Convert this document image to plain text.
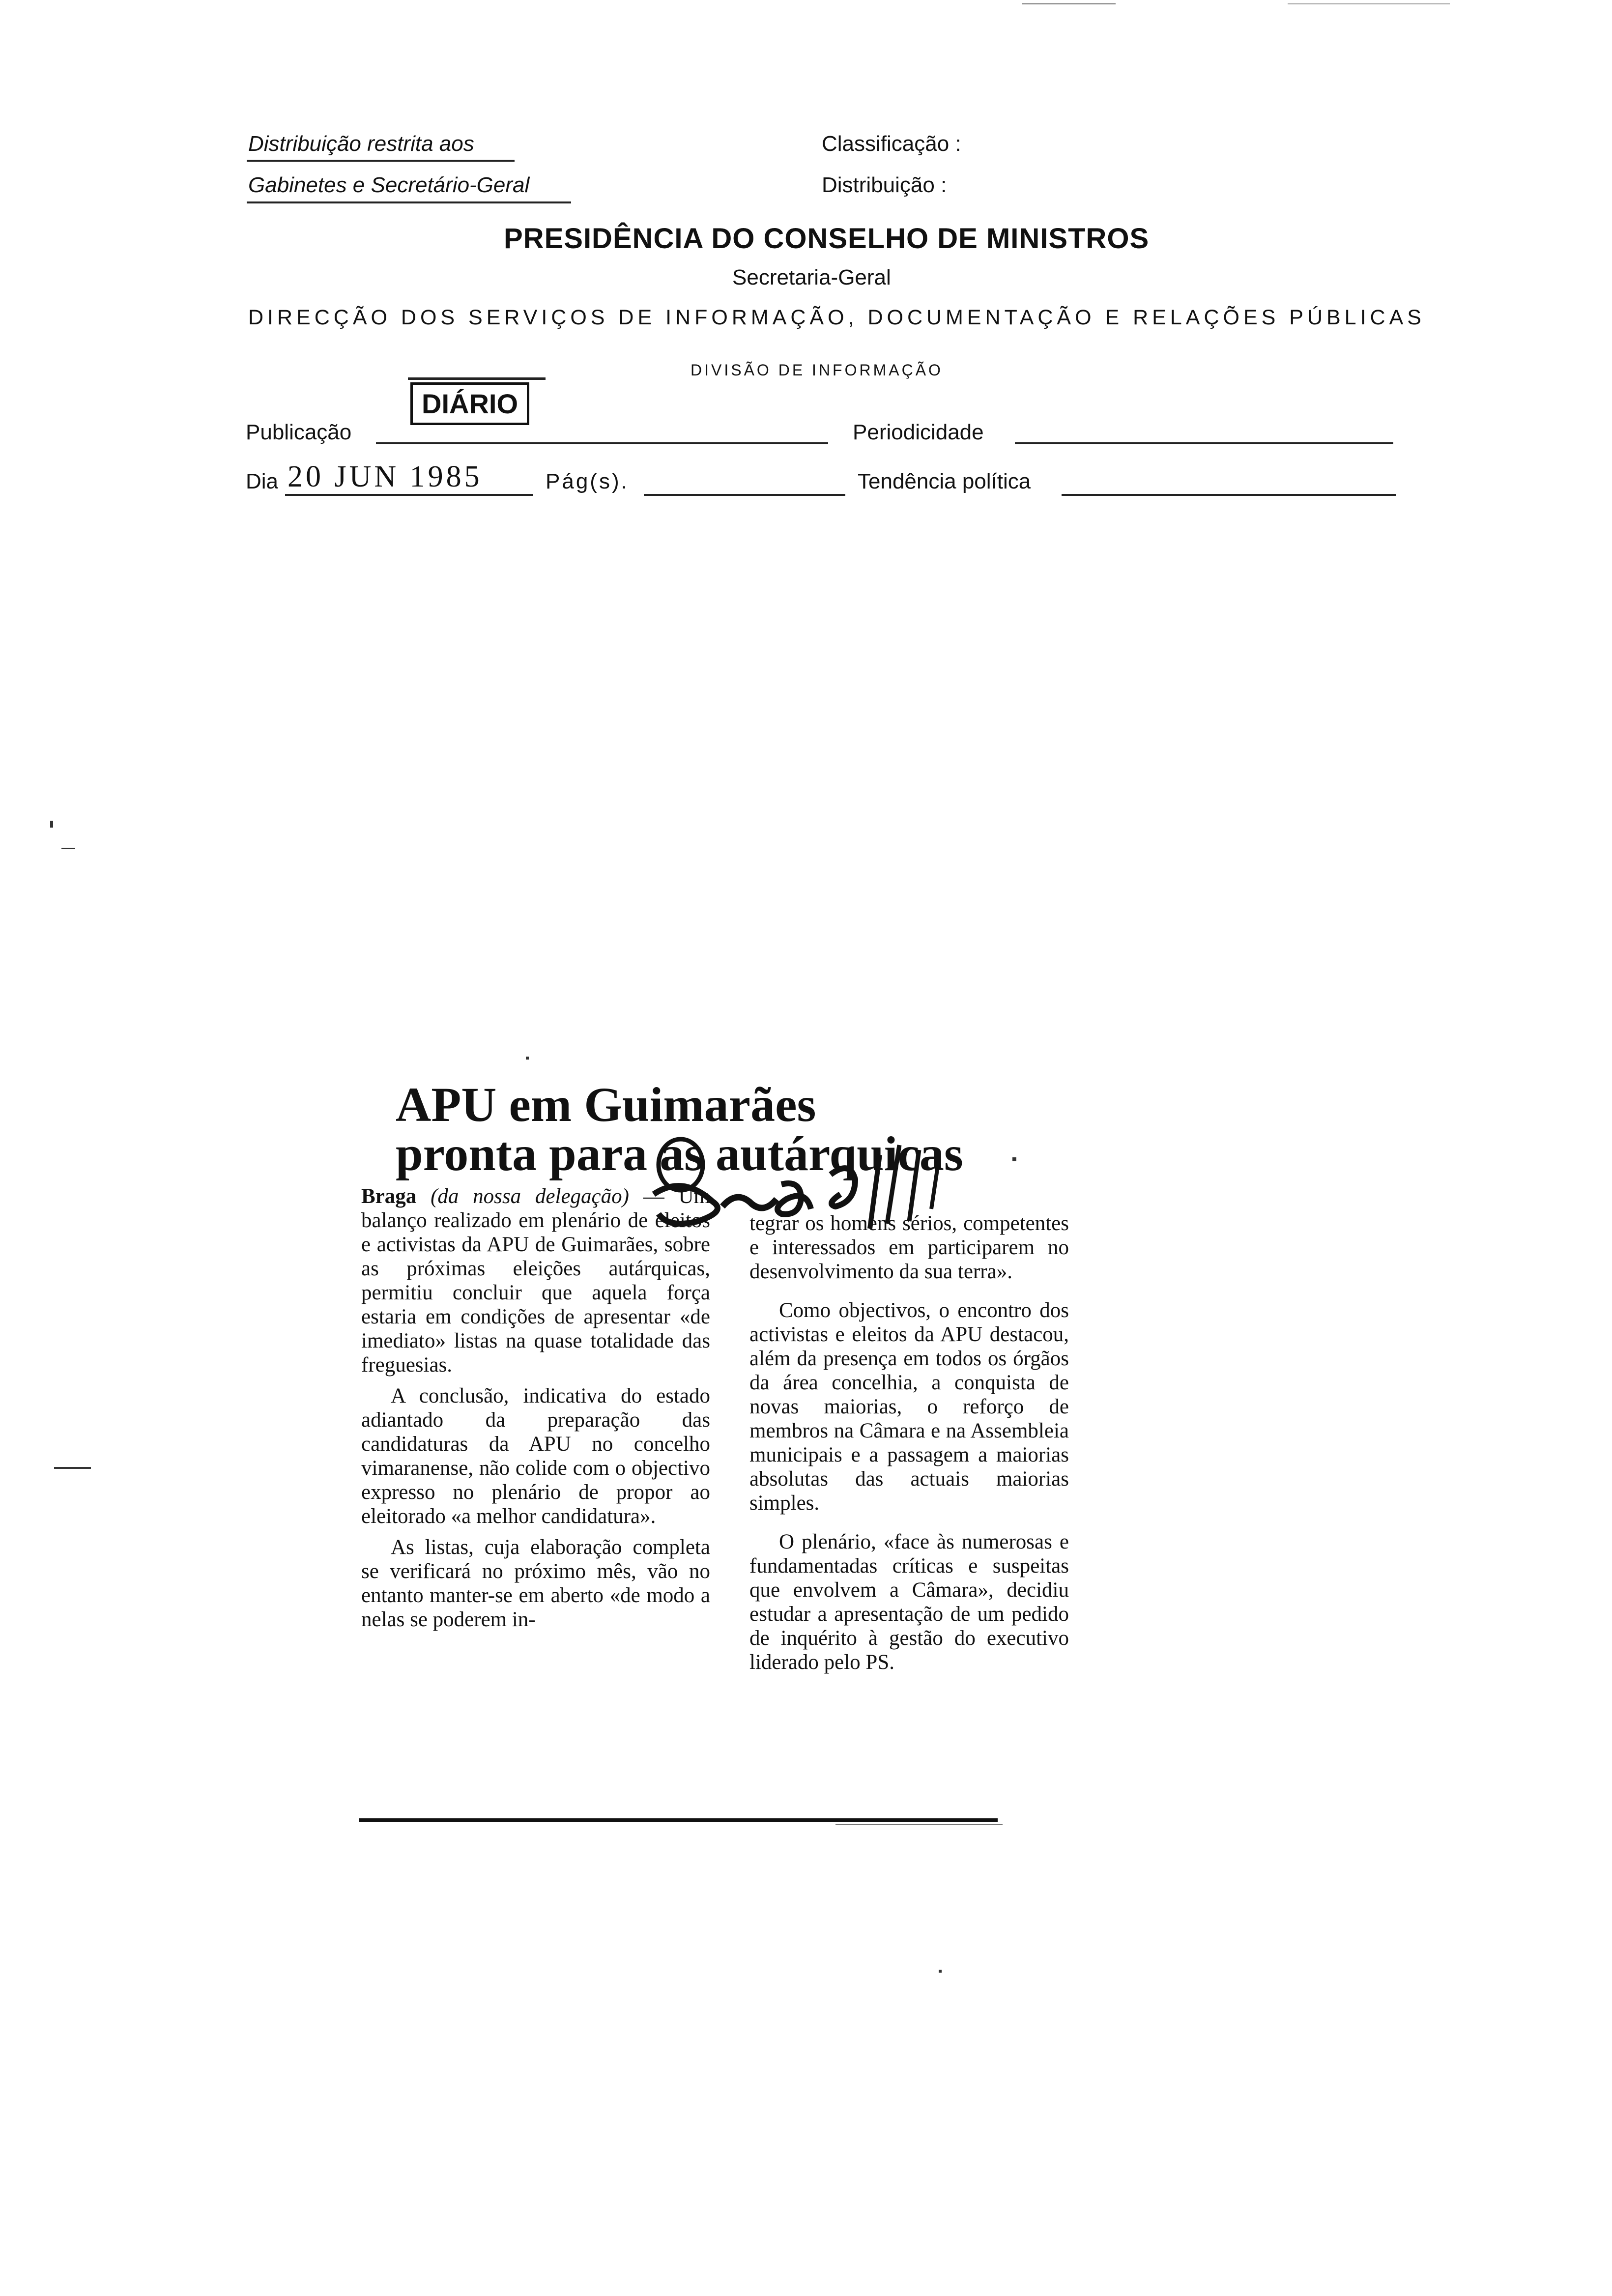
Distribuição restrita aos
Gabinetes e Secretário-Geral
Classificação :
Distribuição :
PRESIDÊNCIA DO CONSELHO DE MINISTROS
Secretaria-Geral
DIRECÇÃO DOS SERVIÇOS DE INFORMAÇÃO, DOCUMENTAÇÃO E RELAÇÕES PÚBLICAS
DIVISÃO DE INFORMAÇÃO
Publicação
DIÁRIO
Periodicidade
Dia 20 JUN 1985	Pág(s).	Tendência política
APU em Guimarães
pronta para as autárquicas

Braga (da nossa delegação) — Um balanço realizado em plenário de eleitos e activistas da APU de Guimarães, sobre as próximas eleições autárquicas, permitiu concluir que aquela força estaria em condições de apresentar «de imediato» listas na quase totalidade das freguesias.

A conclusão, indicativa do estado adiantado da preparação das candidaturas da APU no concelho vimaranense, não colide com o objectivo expresso no plenário de propor ao eleitorado «a melhor candidatura».

As listas, cuja elaboração completa se verificará no próximo mês, vão no entanto manter-se em aberto «de modo a nelas se poderem in-

tegrar os homens sérios, competentes e interessados em participarem no desenvolvimento da sua terra».

Como objectivos, o encontro dos activistas e eleitos da APU destacou, além da presença em todos os órgãos da área concelhia, a conquista de novas maiorias, o reforço de membros na Câmara e na Assembleia municipais e a passagem a maiorias absolutas das actuais maiorias simples.

O plenário, «face às numerosas e fundamentadas críticas e suspeitas que envolvem a Câmara», decidiu estudar a apresentação de um pedido de inquérito à gestão do executivo liderado pelo PS.
